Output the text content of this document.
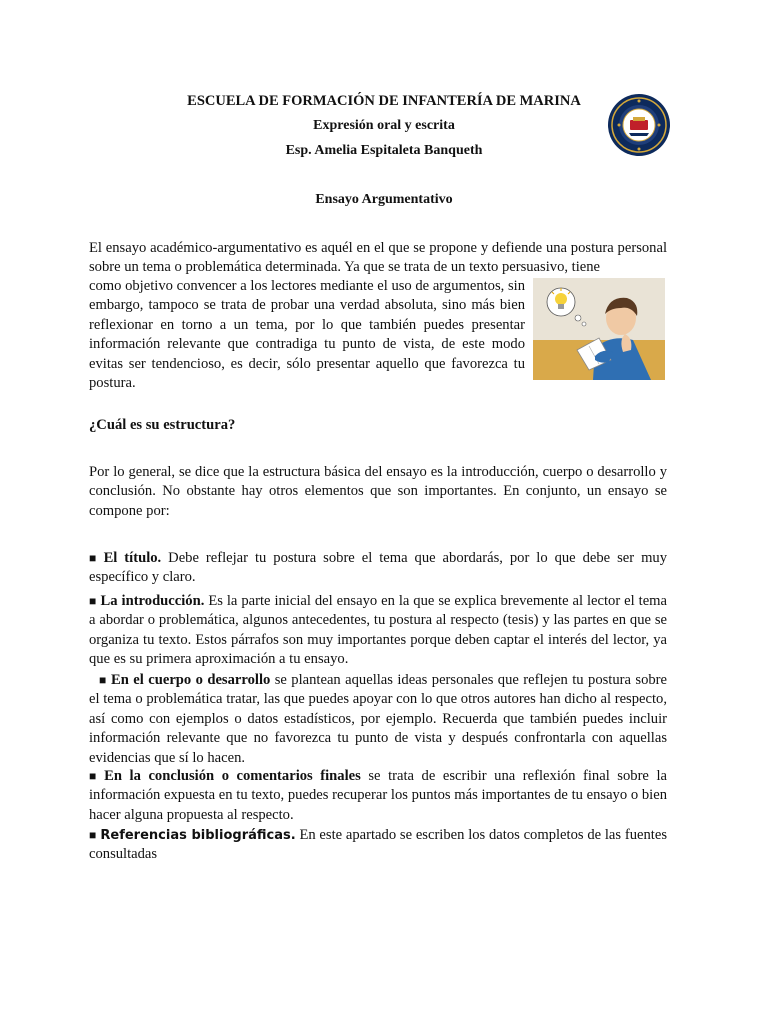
ESCUELA DE FORMACIÓN DE INFANTERÍA DE MARINA
Expresión oral y escrita
Esp. Amelia Espitaleta Banqueth
Ensayo Argumentativo

El ensayo académico-argumentativo es aquél en el que se propone y defiende una postura personal sobre un tema o problemática determinada. Ya que se trata de un texto persuasivo, tiene

como objetivo convencer a los lectores mediante el uso de argumentos, sin embargo, tampoco se trata de probar una verdad absoluta, sino más bien reflexionar en torno a un tema, por lo que también puedes presentar información relevante que contradiga tu punto de vista, de este modo evitas ser tendencioso, es decir, sólo presentar aquello que favorezca tu postura.

¿Cuál es su estructura?

Por lo general, se dice que la estructura básica del ensayo es la introducción, cuerpo o desarrollo y conclusión. No obstante hay otros elementos que son importantes. En conjunto, un ensayo se compone por:

■ El título. Debe reflejar tu postura sobre el tema que abordarás, por lo que debe ser muy específico y claro.

■ La introducción. Es la parte inicial del ensayo en la que se explica brevemente al lector el tema a abordar o problemática, algunos antecedentes, tu postura al respecto (tesis) y las partes en que se organiza tu texto. Estos párrafos son muy importantes porque deben captar el interés del lector, ya que es su primera aproximación a tu ensayo.

■ En el cuerpo o desarrollo se plantean aquellas ideas personales que reflejen tu postura sobre el tema o problemática tratar, las que puedes apoyar con lo que otros autores han dicho al respecto, así como con ejemplos o datos estadísticos, por ejemplo. Recuerda que también puedes incluir información relevante que no favorezca tu punto de vista y después confrontarla con aquellas evidencias que sí lo hacen.

■ En la conclusión o comentarios finales se trata de escribir una reflexión final sobre la información expuesta en tu texto, puedes recuperar los puntos más importantes de tu ensayo o bien hacer alguna propuesta al respecto.

■ Referencias bibliográficas. En este apartado se escriben los datos completos de las fuentes consultadas
